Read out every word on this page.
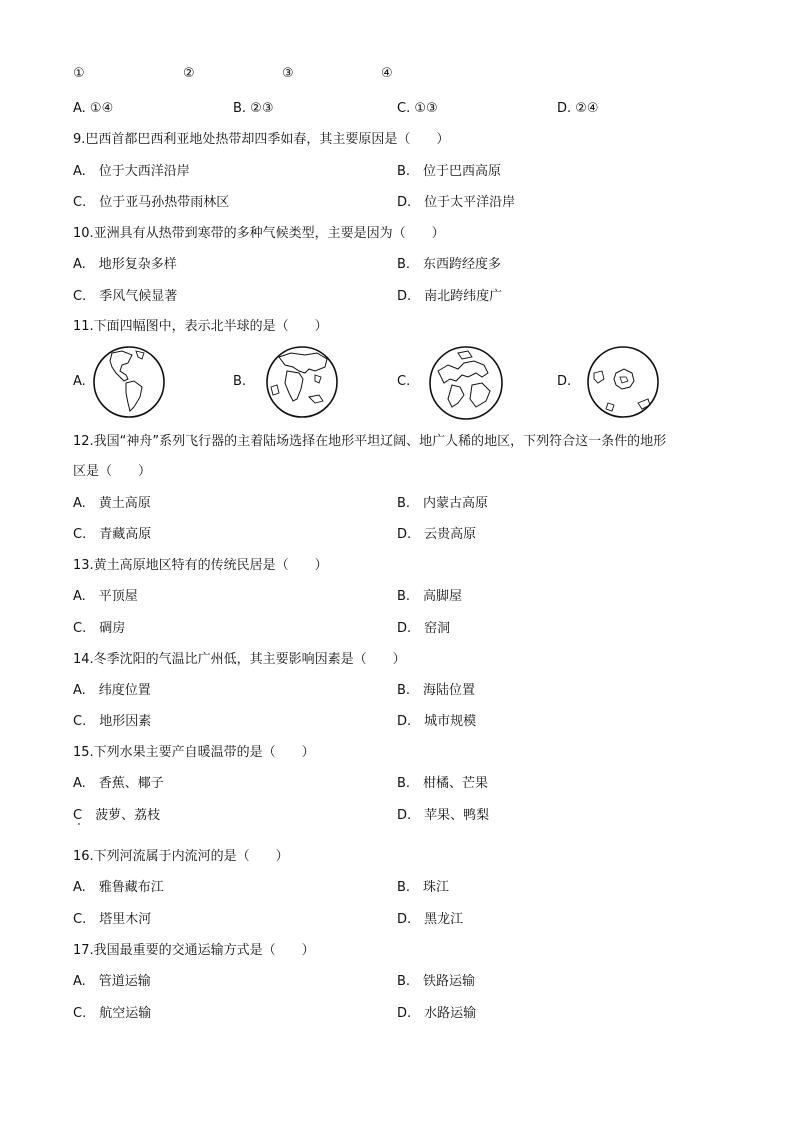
①	②	③	④
A. ①④	B. ②③	C. ①③	D. ②④
9.巴西首都巴西利亚地处热带却四季如春，其主要原因是（　　）
A.　位于大西洋沿岸	B.　位于巴西高原
C.　位于亚马孙热带雨林区	D.　位于太平洋沿岸
10.亚洲具有从热带到寒带的多种气候类型，主要是因为（　　）
A.　地形复杂多样	B.　东西跨经度多
C.　季风气候显著	D.　南北跨纬度广
11.下面四幅图中，表示北半球的是（　　）
A.	B.	C.	D.
12.我国“神舟”系列飞行器的主着陆场选择在地形平坦辽阔、地广人稀的地区，下列符合这一条件的地形
区是（　　）
A.　黄土高原	B.　内蒙古高原
C.　青藏高原	D.　云贵高原
13.黄土高原地区特有的传统民居是（　　）
A.　平顶屋	B.　高脚屋
C.　碉房	D.　窑洞
14.冬季沈阳的气温比广州低，其主要影响因素是（　　）
A.　纬度位置	B.　海陆位置
C.　地形因素	D.　城市规模
15.下列水果主要产自暖温带的是（　　）
A.　香蕉、椰子	B.　柑橘、芒果
C　菠萝、荔枝	D.　苹果、鸭梨
16.下列河流属于内流河的是（　　）
A.　雅鲁藏布江	B.　珠江
C.　塔里木河	D.　黑龙江
17.我国最重要的交通运输方式是（　　）
A.　管道运输	B.　铁路运输
C.　航空运输	D.　水路运输
